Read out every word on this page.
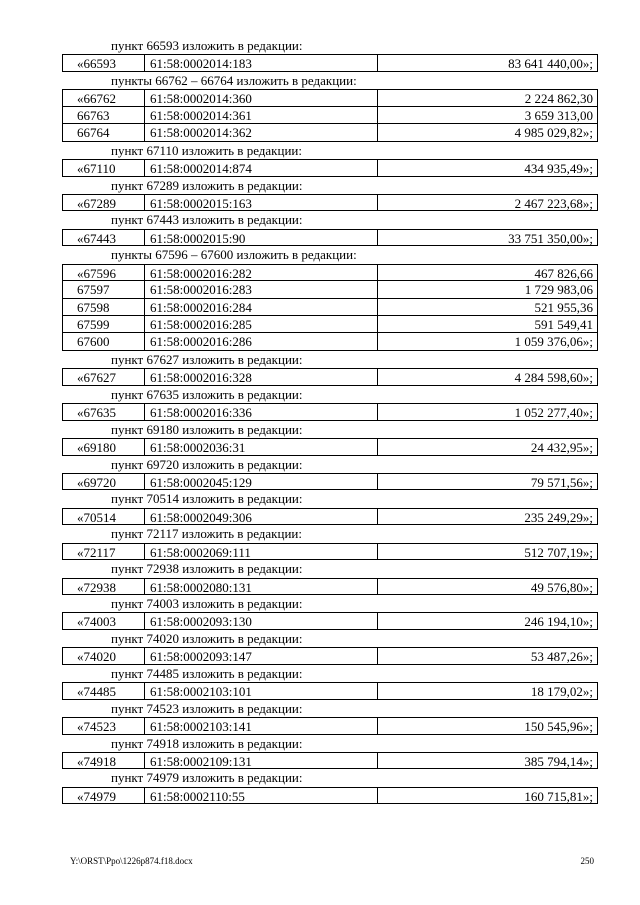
пункт 66593 изложить в редакции:
«66593	61:58:0002014:183	83 641 440,00»;
пункты 66762 – 66764 изложить в редакции:
«66762	61:58:0002014:360	2 224 862,30
66763	61:58:0002014:361	3 659 313,00
66764	61:58:0002014:362	4 985 029,82»;
пункт 67110 изложить в редакции:
«67110	61:58:0002014:874	434 935,49»;
пункт 67289 изложить в редакции:
«67289	61:58:0002015:163	2 467 223,68»;
пункт 67443 изложить в редакции:
«67443	61:58:0002015:90	33 751 350,00»;
пункты 67596 – 67600 изложить в редакции:
«67596	61:58:0002016:282	467 826,66
67597	61:58:0002016:283	1 729 983,06
67598	61:58:0002016:284	521 955,36
67599	61:58:0002016:285	591 549,41
67600	61:58:0002016:286	1 059 376,06»;
пункт 67627 изложить в редакции:
«67627	61:58:0002016:328	4 284 598,60»;
пункт 67635 изложить в редакции:
«67635	61:58:0002016:336	1 052 277,40»;
пункт 69180 изложить в редакции:
«69180	61:58:0002036:31	24 432,95»;
пункт 69720 изложить в редакции:
«69720	61:58:0002045:129	79 571,56»;
пункт 70514 изложить в редакции:
«70514	61:58:0002049:306	235 249,29»;
пункт 72117 изложить в редакции:
«72117	61:58:0002069:111	512 707,19»;
пункт 72938 изложить в редакции:
«72938	61:58:0002080:131	49 576,80»;
пункт 74003 изложить в редакции:
«74003	61:58:0002093:130	246 194,10»;
пункт 74020 изложить в редакции:
«74020	61:58:0002093:147	53 487,26»;
пункт 74485 изложить в редакции:
«74485	61:58:0002103:101	18 179,02»;
пункт 74523 изложить в редакции:
«74523	61:58:0002103:141	150 545,96»;
пункт 74918 изложить в редакции:
«74918	61:58:0002109:131	385 794,14»;
пункт 74979 изложить в редакции:
«74979	61:58:0002110:55	160 715,81»;
Y:\ORST\Ppo\1226p874.f18.docx	250
